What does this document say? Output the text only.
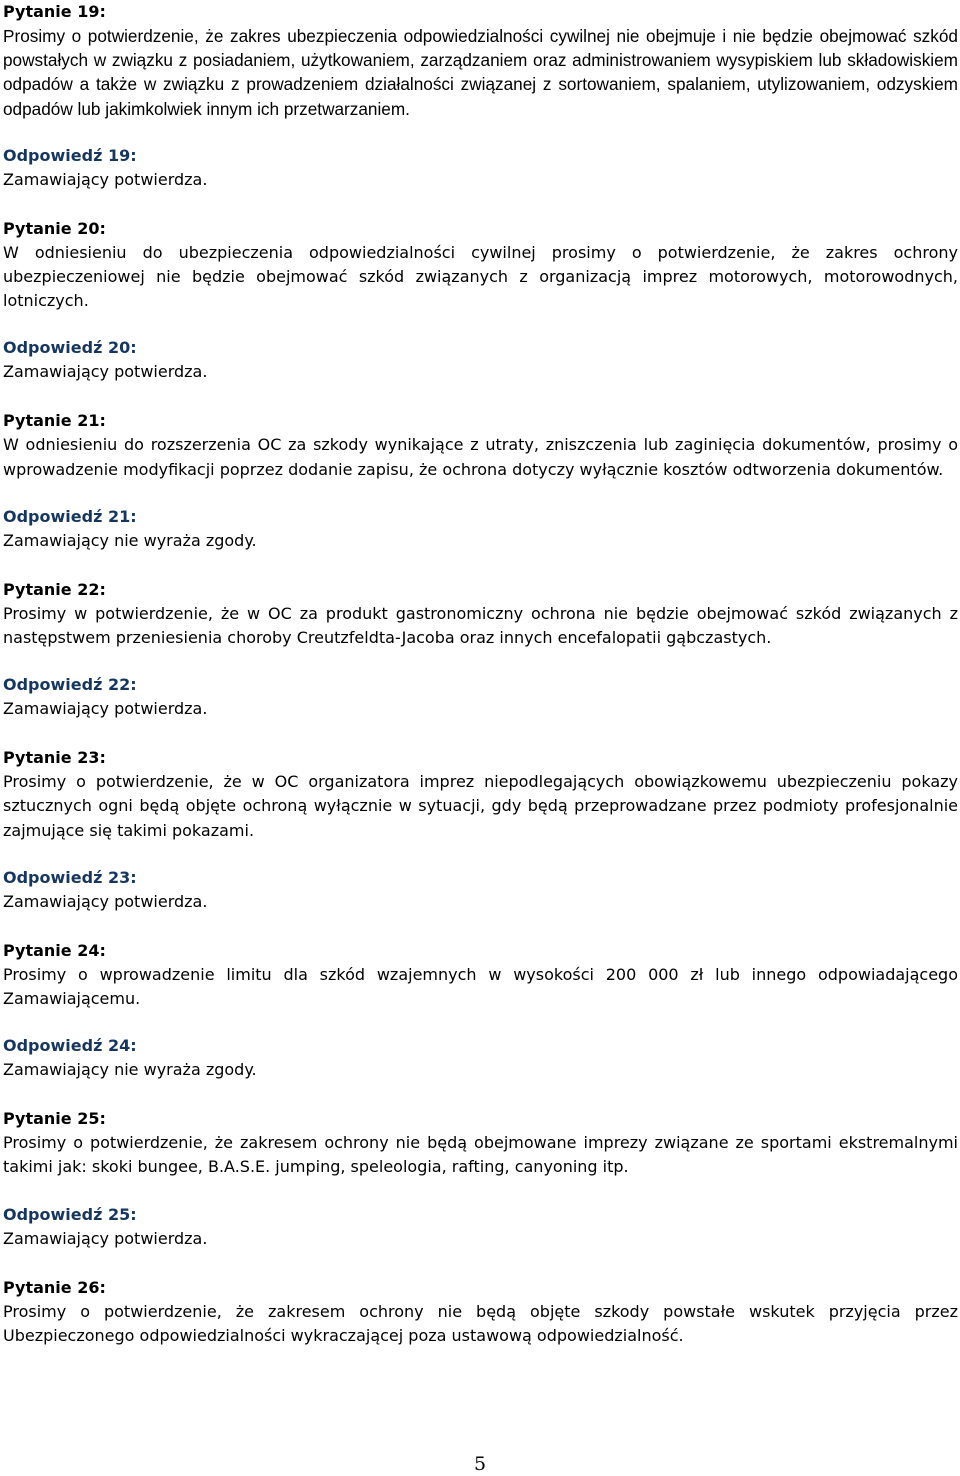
Pytanie 19:

Prosimy o potwierdzenie, że zakres ubezpieczenia odpowiedzialności cywilnej nie obejmuje i nie będzie obejmować szkód powstałych w związku z posiadaniem, użytkowaniem, zarządzaniem oraz administrowaniem wysypiskiem lub składowiskiem odpadów a także w związku z prowadzeniem działalności związanej z sortowaniem, spalaniem, utylizowaniem, odzyskiem odpadów lub jakimkolwiek innym ich przetwarzaniem.

Odpowiedź 19:

Zamawiający potwierdza.

Pytanie 20:

W odniesieniu do ubezpieczenia odpowiedzialności cywilnej prosimy o potwierdzenie, że zakres ochrony ubezpieczeniowej nie będzie obejmować szkód związanych z organizacją imprez motorowych, motorowodnych, lotniczych.

Odpowiedź 20:

Zamawiający potwierdza.

Pytanie 21:

W odniesieniu do rozszerzenia OC za szkody wynikające z utraty, zniszczenia lub zaginięcia dokumentów, prosimy o wprowadzenie modyfikacji poprzez dodanie zapisu, że ochrona dotyczy wyłącznie kosztów odtworzenia dokumentów.

Odpowiedź 21:

Zamawiający nie wyraża zgody.

Pytanie 22:

Prosimy w potwierdzenie, że w OC za produkt gastronomiczny ochrona nie będzie obejmować szkód związanych z następstwem przeniesienia choroby Creutzfeldta-Jacoba oraz innych encefalopatii gąbczastych.

Odpowiedź 22:

Zamawiający potwierdza.

Pytanie 23:

Prosimy o potwierdzenie, że w OC organizatora imprez niepodlegających obowiązkowemu ubezpieczeniu pokazy sztucznych ogni będą objęte ochroną wyłącznie w sytuacji, gdy będą przeprowadzane przez podmioty profesjonalnie zajmujące się takimi pokazami.

Odpowiedź 23:

Zamawiający potwierdza.

Pytanie 24:

Prosimy o wprowadzenie limitu dla szkód wzajemnych w wysokości 200 000 zł lub innego odpowiadającego Zamawiającemu.

Odpowiedź 24:

Zamawiający nie wyraża zgody.

Pytanie 25:

Prosimy o potwierdzenie, że zakresem ochrony nie będą obejmowane imprezy związane ze sportami ekstremalnymi takimi jak: skoki bungee, B.A.S.E. jumping, speleologia, rafting, canyoning itp.

Odpowiedź 25:

Zamawiający potwierdza.

Pytanie 26:

Prosimy o potwierdzenie, że zakresem ochrony nie będą objęte szkody powstałe wskutek przyjęcia przez Ubezpieczonego odpowiedzialności wykraczającej poza ustawową odpowiedzialność.

5
